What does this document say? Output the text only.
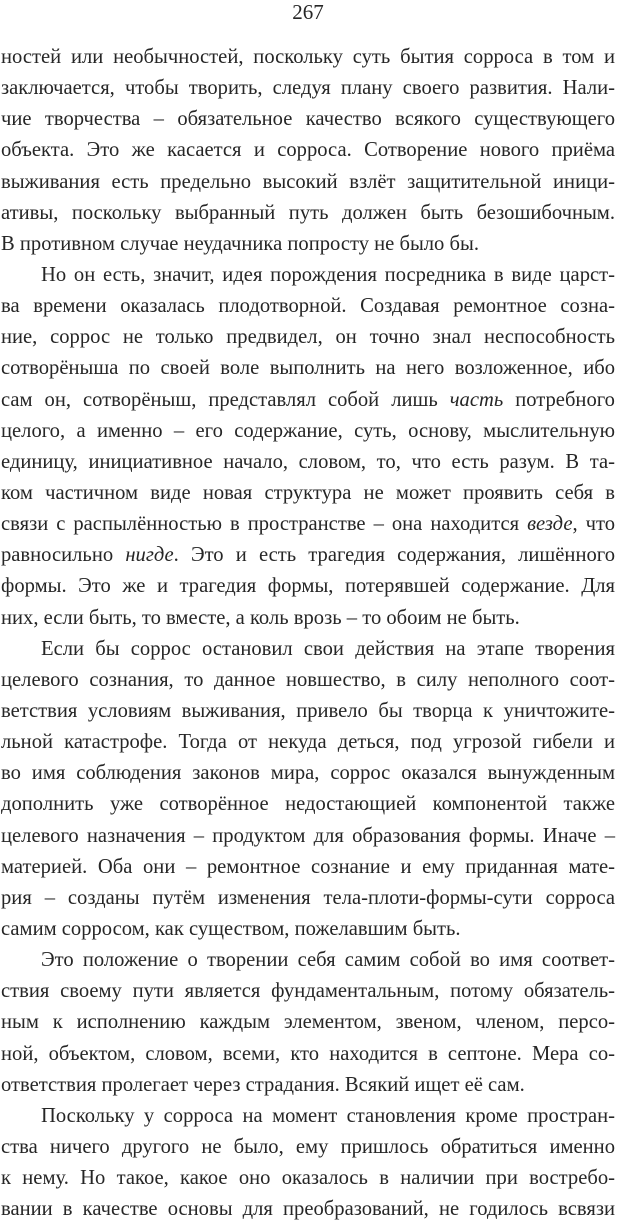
267
ностей или необычностей, поскольку суть бытия сорроса в том и
заключается, чтобы творить, следуя плану своего развития. Нали-
чие творчества – обязательное качество всякого существующего
объекта. Это же касается и сорроса. Сотворение нового приёма
выживания есть предельно высокий взлёт защитительной иници-
ативы, поскольку выбранный путь должен быть безошибочным.
В противном случае неудачника попросту не было бы.
Но он есть, значит, идея порождения посредника в виде царст-
ва времени оказалась плодотворной. Создавая ремонтное созна-
ние, соррос не только предвидел, он точно знал неспособность
сотворёныша по своей воле выполнить на него возложенное, ибо
сам он, сотворёныш, представлял собой лишь часть потребного
целого, а именно – его содержание, суть, основу, мыслительную
единицу, инициативное начало, словом, то, что есть разум. В та-
ком частичном виде новая структура не может проявить себя в
связи с распылённостью в пространстве – она находится везде, что
равносильно нигде. Это и есть трагедия содержания, лишённого
формы. Это же и трагедия формы, потерявшей содержание. Для
них, если быть, то вместе, а коль врозь – то обоим не быть.
Если бы соррос остановил свои действия на этапе творения
целевого сознания, то данное новшество, в силу неполного соот-
ветствия условиям выживания, привело бы творца к уничтожите-
льной катастрофе. Тогда от некуда деться, под угрозой гибели и
во имя соблюдения законов мира, соррос оказался вынужденным
дополнить уже сотворённое недостающией компонентой также
целевого назначения – продуктом для образования формы. Иначе –
материей. Оба они – ремонтное сознание и ему приданная мате-
рия – созданы путём изменения тела-плоти-формы-сути сорроса
самим сорросом, как существом, пожелавшим быть.
Это положение о творении себя самим собой во имя соответ-
ствия своему пути является фундаментальным, потому обязатель-
ным к исполнению каждым элементом, звеном, членом, персо-
ной, объектом, словом, всеми, кто находится в септоне. Мера со-
ответствия пролегает через страдания. Всякий ищет её сам.
Поскольку у сорроса на момент становления кроме простран-
ства ничего другого не было, ему пришлось обратиться именно
к нему. Но такое, какое оно оказалось в наличии при востребо-
вании в качестве основы для преобразований, не годилось всвязи
